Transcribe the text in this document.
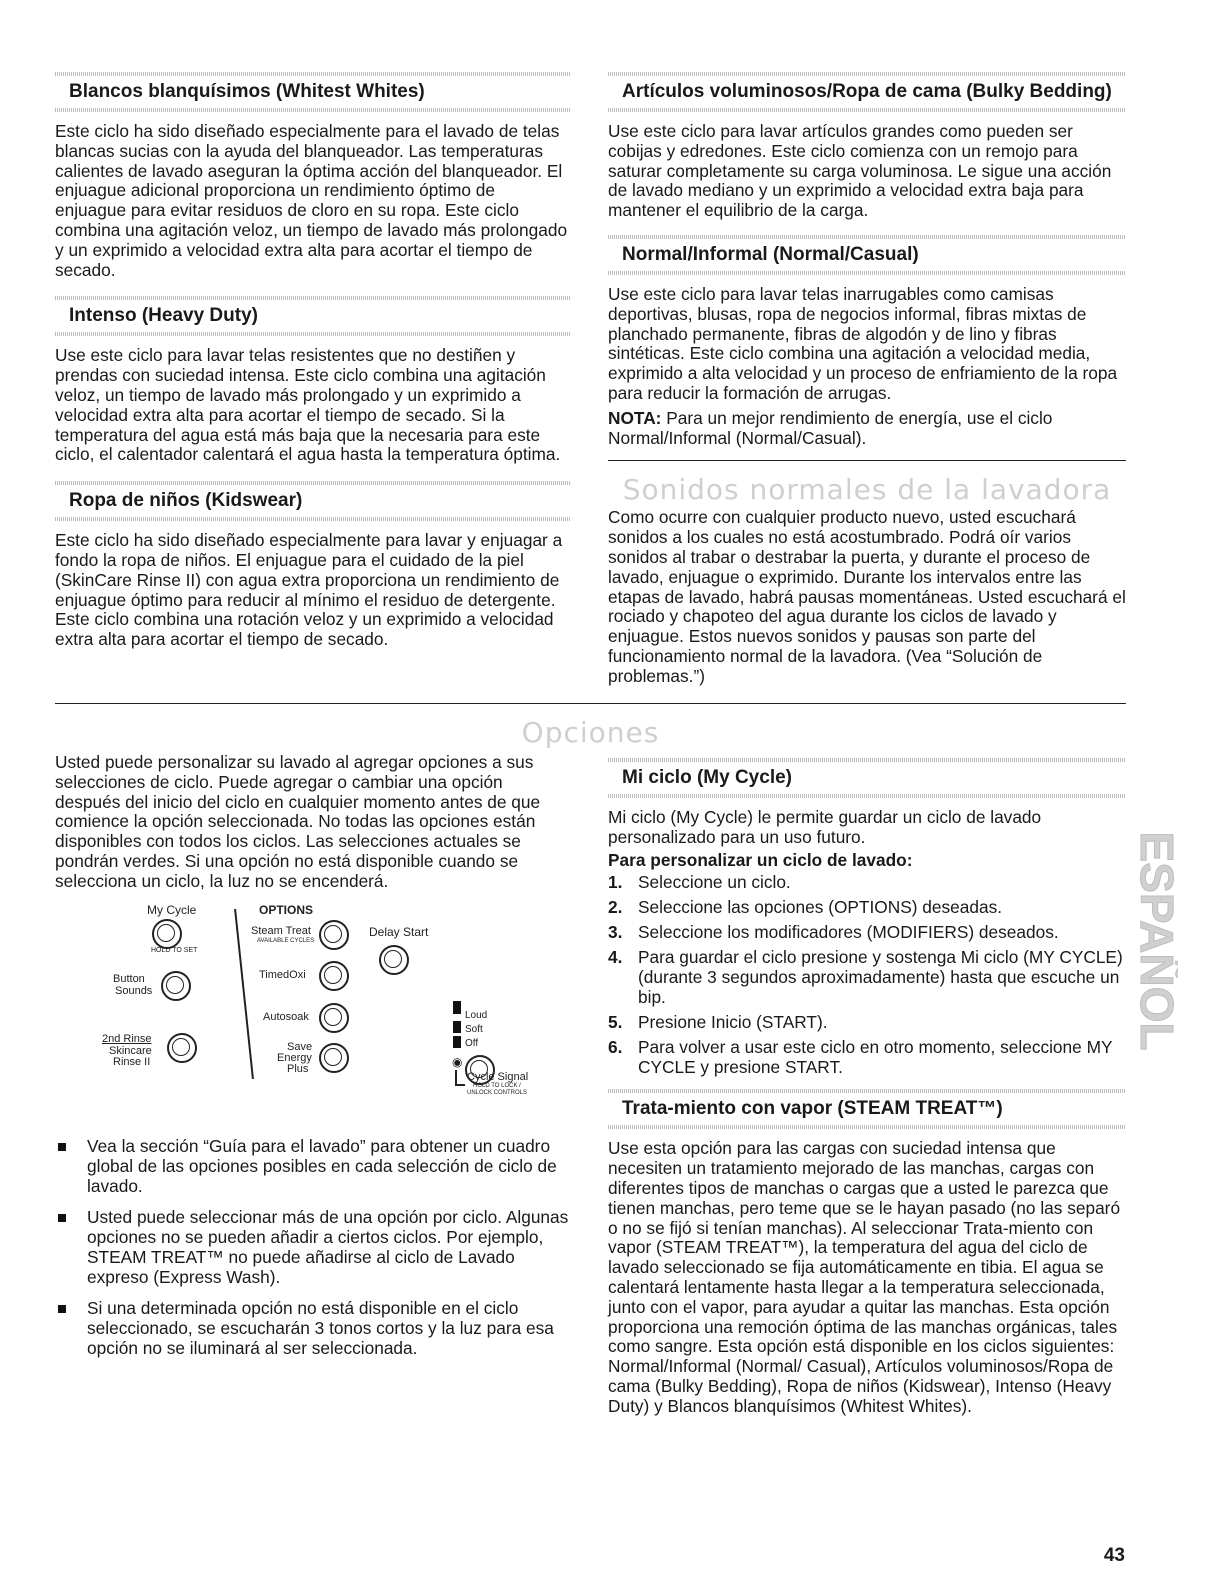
Blancos blanquísimos (Whitest Whites)

Este ciclo ha sido diseñado especialmente para el lavado de telas blancas sucias con la ayuda del blanqueador. Las temperaturas calientes de lavado aseguran la óptima acción del blanqueador. El enjuague adicional proporciona un rendimiento óptimo de enjuague para evitar residuos de cloro en su ropa. Este ciclo combina una agitación veloz, un tiempo de lavado más prolongado y un exprimido a velocidad extra alta para acortar el tiempo de secado.

Intenso (Heavy Duty)

Use este ciclo para lavar telas resistentes que no destiñen y prendas con suciedad intensa. Este ciclo combina una agitación veloz, un tiempo de lavado más prolongado y un exprimido a velocidad extra alta para acortar el tiempo de secado. Si la temperatura del agua está más baja que la necesaria para este ciclo, el calentador calentará el agua hasta la temperatura óptima.

Ropa de niños (Kidswear)

Este ciclo ha sido diseñado especialmente para lavar y enjuagar a fondo la ropa de niños. El enjuague para el cuidado de la piel (SkinCare Rinse II) con agua extra proporciona un rendimiento de enjuague óptimo para reducir al mínimo el residuo de detergente. Este ciclo combina una rotación veloz y un exprimido a velocidad extra alta para acortar el tiempo de secado.

Artículos voluminosos/Ropa de cama (Bulky Bedding)

Use este ciclo para lavar artículos grandes como pueden ser cobijas y edredones. Este ciclo comienza con un remojo para saturar completamente su carga voluminosa. Le sigue una acción de lavado mediano y un exprimido a velocidad extra baja para mantener el equilibrio de la carga.

Normal/Informal (Normal/Casual)

Use este ciclo para lavar telas inarrugables como camisas deportivas, blusas, ropa de negocios informal, fibras mixtas de planchado permanente, fibras de algodón y de lino y fibras sintéticas. Este ciclo combina una agitación a velocidad media, exprimido a alta velocidad y un proceso de enfriamiento de la ropa para reducir la formación de arrugas.

NOTA: Para un mejor rendimiento de energía, use el ciclo Normal/Informal (Normal/Casual).

Sonidos normales de la lavadora

Como ocurre con cualquier producto nuevo, usted escuchará sonidos a los cuales no está acostumbrado. Podrá oír varios sonidos al trabar o destrabar la puerta, y durante el proceso de lavado, enjuague o exprimido. Durante los intervalos entre las etapas de lavado, habrá pausas momentáneas. Usted escuchará el rociado y chapoteo del agua durante los ciclos de lavado y enjuague. Estos nuevos sonidos y pausas son parte del funcionamiento normal de la lavadora. (Vea “Solución de problemas.”)

Opciones

Usted puede personalizar su lavado al agregar opciones a sus selecciones de ciclo. Puede agregar o cambiar una opción después del inicio del ciclo en cualquier momento antes de que comience la opción seleccionada. No todas las opciones están disponibles con todos los ciclos. Las selecciones actuales se pondrán verdes. Si una opción no está disponible cuando se selecciona un ciclo, la luz no se encenderá.

My Cycle
HOLD TO SET
Button
Sounds
2nd Rinse
Skincare
Rinse II
OPTIONS
Steam Treat
AVAILABLE CYCLES
TimedOxi
Autosoak
Save
Energy
Plus
Delay Start
Loud
Soft
Off
◉
Cycle Signal
HOLD TO LOCK /
UNLOCK CONTROLS
Vea la sección “Guía para el lavado” para obtener un cuadro global de las opciones posibles en cada selección de ciclo de lavado.
Usted puede seleccionar más de una opción por ciclo. Algunas opciones no se pueden añadir a ciertos ciclos. Por ejemplo, STEAM TREAT™ no puede añadirse al ciclo de Lavado expreso (Express Wash).
Si una determinada opción no está disponible en el ciclo seleccionado, se escucharán 3 tonos cortos y la luz para esa opción no se iluminará al ser seleccionada.
Mi ciclo (My Cycle)

Mi ciclo (My Cycle) le permite guardar un ciclo de lavado personalizado para un uso futuro.

Para personalizar un ciclo de lavado:

1. Seleccione un ciclo.
2. Seleccione las opciones (OPTIONS) deseadas.
3. Seleccione los modificadores (MODIFIERS) deseados.
4. Para guardar el ciclo presione y sostenga Mi ciclo (MY CYCLE) (durante 3 segundos aproximadamente) hasta que escuche un bip.
5. Presione Inicio (START).
6. Para volver a usar este ciclo en otro momento, seleccione MY CYCLE y presione START.
Trata-miento con vapor (STEAM TREAT™)

Use esta opción para las cargas con suciedad intensa que necesiten un tratamiento mejorado de las manchas, cargas con diferentes tipos de manchas o cargas que a usted le parezca que tienen manchas, pero teme que se le hayan pasado (no las separó o no se fijó si tenían manchas). Al seleccionar Trata-miento con vapor (STEAM TREAT™), la temperatura del agua del ciclo de lavado seleccionado se fija automáticamente en tibia. El agua se calentará lentamente hasta llegar a la temperatura seleccionada, junto con el vapor, para ayudar a quitar las manchas. Esta opción proporciona una remoción óptima de las manchas orgánicas, tales como sangre. Esta opción está disponible en los ciclos siguientes: Normal/Informal (Normal/ Casual), Artículos voluminosos/Ropa de cama (Bulky Bedding), Ropa de niños (Kidswear), Intenso (Heavy Duty) y Blancos blanquísimos (Whitest Whites).

ESPAÑOL
43
